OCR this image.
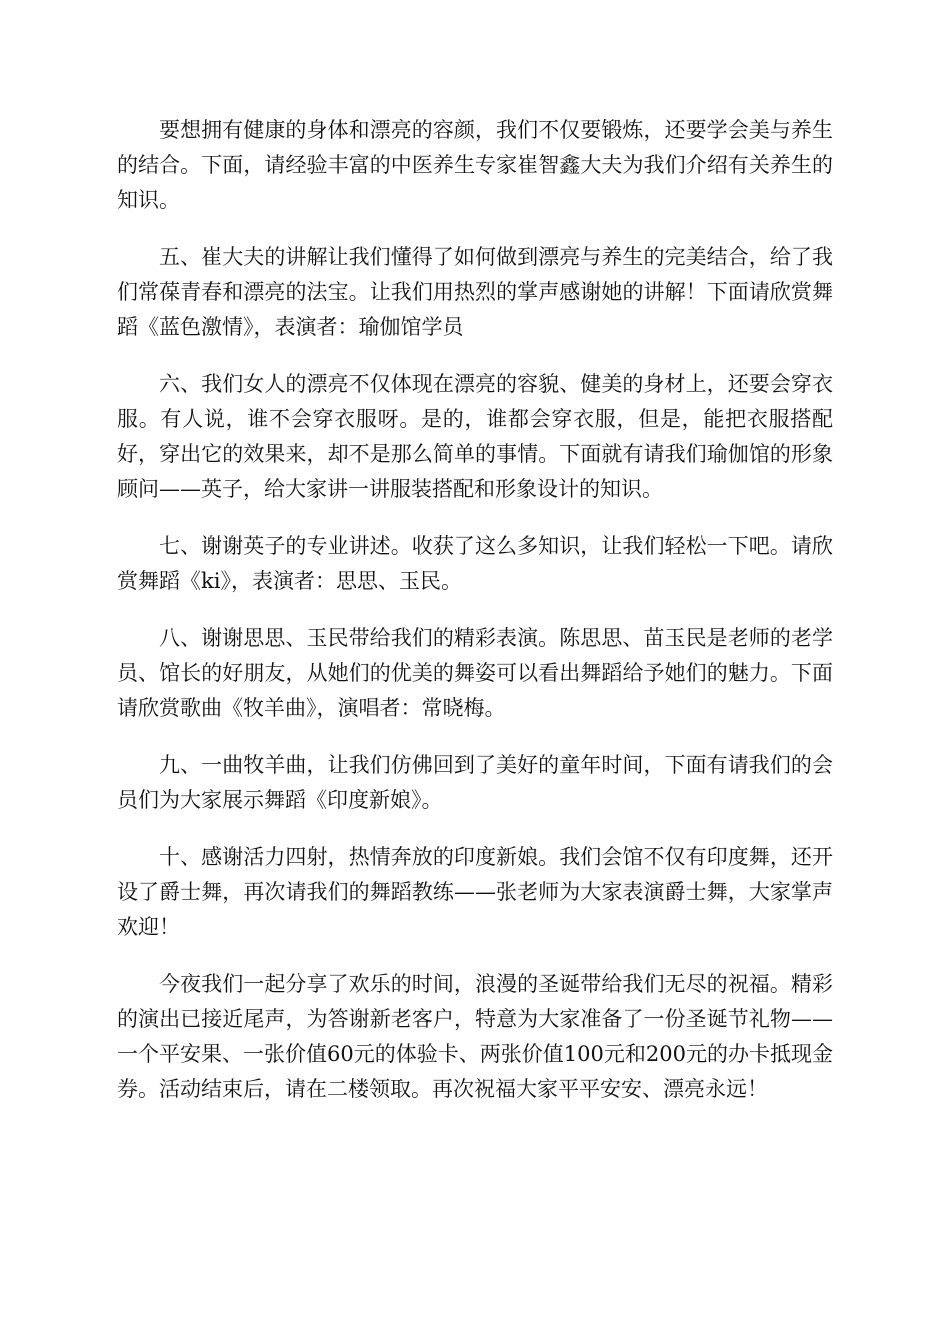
要想拥有健康的身体和漂亮的容颜，我们不仅要锻炼，还要学会美与养生的结合。下面，请经验丰富的中医养生专家崔智鑫大夫为我们介绍有关养生的知识。

五、崔大夫的讲解让我们懂得了如何做到漂亮与养生的完美结合，给了我们常葆青春和漂亮的法宝。让我们用热烈的掌声感谢她的讲解！下面请欣赏舞蹈《蓝色激情》，表演者：瑜伽馆学员

六、我们女人的漂亮不仅体现在漂亮的容貌、健美的身材上，还要会穿衣服。有人说，谁不会穿衣服呀。是的，谁都会穿衣服，但是，能把衣服搭配好，穿出它的效果来，却不是那么简单的事情。下面就有请我们瑜伽馆的形象顾问——英子，给大家讲一讲服装搭配和形象设计的知识。

七、谢谢英子的专业讲述。收获了这么多知识，让我们轻松一下吧。请欣赏舞蹈《ki》，表演者：思思、玉民。

八、谢谢思思、玉民带给我们的精彩表演。陈思思、苗玉民是老师的老学员、馆长的好朋友，从她们的优美的舞姿可以看出舞蹈给予她们的魅力。下面请欣赏歌曲《牧羊曲》，演唱者：常晓梅。

九、一曲牧羊曲，让我们仿佛回到了美好的童年时间，下面有请我们的会员们为大家展示舞蹈《印度新娘》。

十、感谢活力四射，热情奔放的印度新娘。我们会馆不仅有印度舞，还开设了爵士舞，再次请我们的舞蹈教练——张老师为大家表演爵士舞，大家掌声欢迎！

今夜我们一起分享了欢乐的时间，浪漫的圣诞带给我们无尽的祝福。精彩的演出已接近尾声，为答谢新老客户，特意为大家准备了一份圣诞节礼物——一个平安果、一张价值60元的体验卡、两张价值100元和200元的办卡抵现金券。活动结束后，请在二楼领取。再次祝福大家平平安安、漂亮永远！
